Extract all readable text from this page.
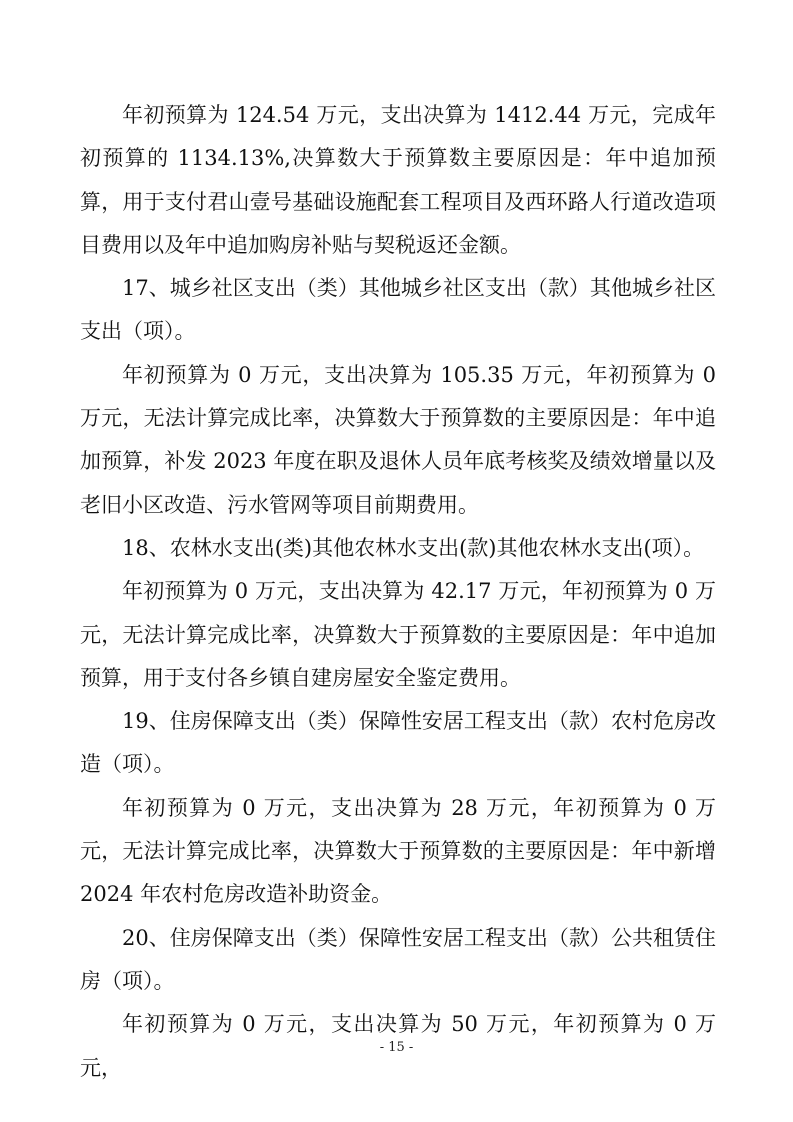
年初预算为 124.54 万元，支出决算为 1412.44 万元，完成年初预算的 1134.13%,决算数大于预算数主要原因是：年中追加预算，用于支付君山壹号基础设施配套工程项目及西环路人行道改造项目费用以及年中追加购房补贴与契税返还金额。

17、城乡社区支出（类）其他城乡社区支出（款）其他城乡社区支出（项）。

年初预算为 0 万元，支出决算为 105.35 万元，年初预算为 0 万元，无法计算完成比率，决算数大于预算数的主要原因是：年中追加预算，补发 2023 年度在职及退休人员年底考核奖及绩效增量以及老旧小区改造、污水管网等项目前期费用。

18、农林水支出(类)其他农林水支出(款)其他农林水支出(项）。

年初预算为 0 万元，支出决算为 42.17 万元，年初预算为 0 万元，无法计算完成比率，决算数大于预算数的主要原因是：年中追加预算，用于支付各乡镇自建房屋安全鉴定费用。

19、住房保障支出（类）保障性安居工程支出（款）农村危房改造（项）。

年初预算为 0 万元，支出决算为 28 万元，年初预算为 0 万元，无法计算完成比率，决算数大于预算数的主要原因是：年中新增 2024 年农村危房改造补助资金。

20、住房保障支出（类）保障性安居工程支出（款）公共租赁住房（项）。

年初预算为 0 万元，支出决算为 50 万元，年初预算为 0 万元，

- 15 -
